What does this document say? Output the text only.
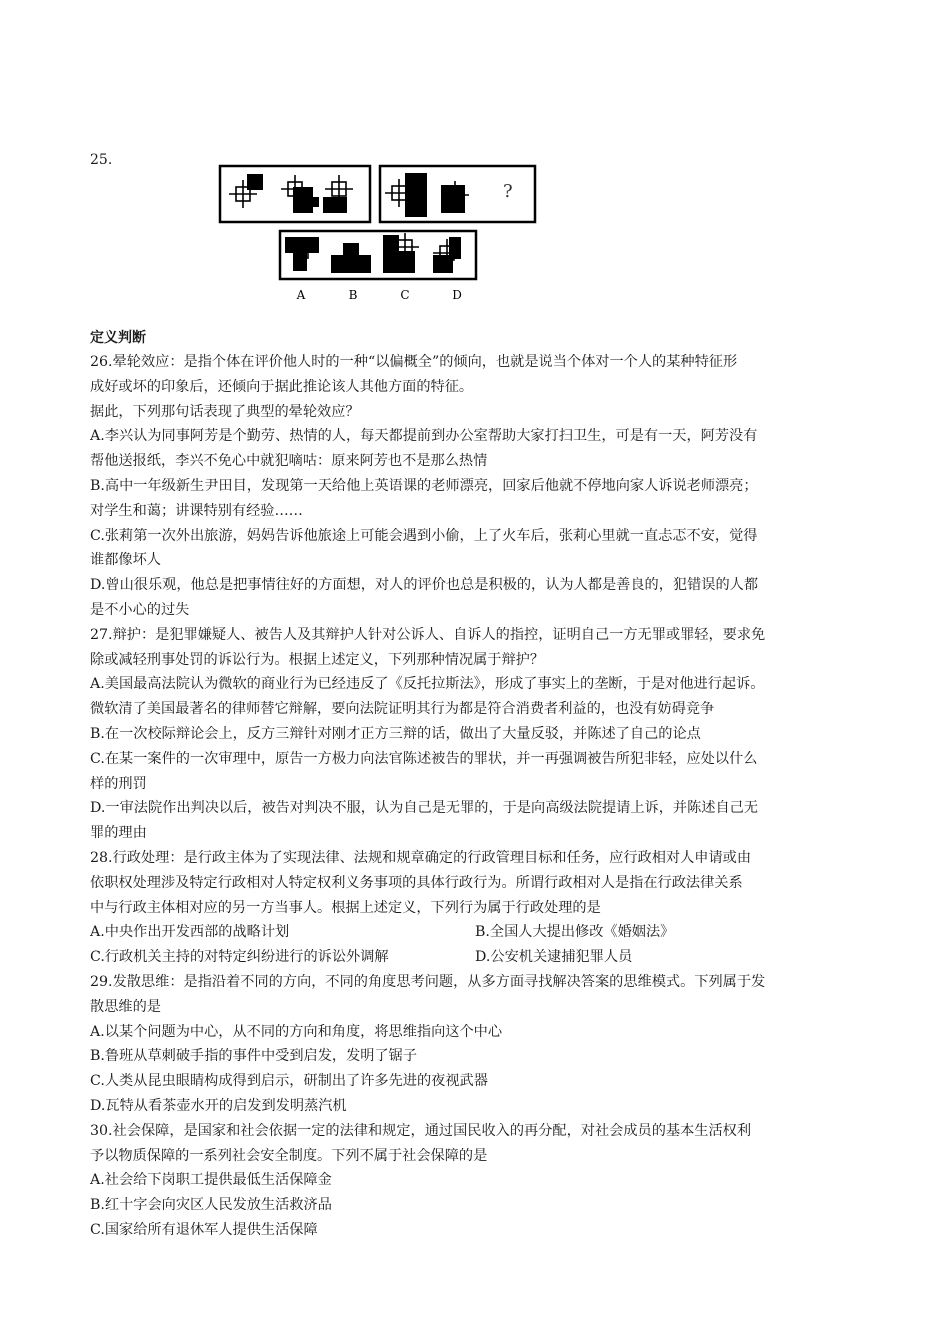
25.
?
A	B	C	D
定义判断
26.晕轮效应：是指个体在评价他人时的一种“以偏概全”的倾向，也就是说当个体对一个人的某种特征形
成好或坏的印象后，还倾向于据此推论该人其他方面的特征。
据此，下列那句话表现了典型的晕轮效应？
A.李兴认为同事阿芳是个勤劳、热情的人，每天都提前到办公室帮助大家打扫卫生，可是有一天，阿芳没有
帮他送报纸，李兴不免心中就犯嘀咕：原来阿芳也不是那么热情
B.高中一年级新生尹田目，发现第一天给他上英语课的老师漂亮，回家后他就不停地向家人诉说老师漂亮；
对学生和蔼；讲课特别有经验……
C.张莉第一次外出旅游，妈妈告诉他旅途上可能会遇到小偷，上了火车后，张莉心里就一直忐忑不安，觉得
谁都像坏人
D.曾山很乐观，他总是把事情往好的方面想，对人的评价也总是积极的，认为人都是善良的，犯错误的人都
是不小心的过失
27.辩护：是犯罪嫌疑人、被告人及其辩护人针对公诉人、自诉人的指控，证明自己一方无罪或罪轻，要求免
除或减轻刑事处罚的诉讼行为。根据上述定义，下列那种情况属于辩护？
A.美国最高法院认为微软的商业行为已经违反了《反托拉斯法》，形成了事实上的垄断，于是对他进行起诉。
微软清了美国最著名的律师替它辩解，要向法院证明其行为都是符合消费者利益的，也没有妨碍竞争
B.在一次校际辩论会上，反方三辩针对刚才正方三辩的话，做出了大量反驳，并陈述了自己的论点
C.在某一案件的一次审理中，原告一方极力向法官陈述被告的罪状，并一再强调被告所犯非轻，应处以什么
样的刑罚
D.一审法院作出判决以后，被告对判决不服，认为自己是无罪的，于是向高级法院提请上诉，并陈述自己无
罪的理由
28.行政处理：是行政主体为了实现法律、法规和规章确定的行政管理目标和任务，应行政相对人申请或由
依职权处理涉及特定行政相对人特定权利义务事项的具体行政行为。所谓行政相对人是指在行政法律关系
中与行政主体相对应的另一方当事人。根据上述定义，下列行为属于行政处理的是
A.中央作出开发西部的战略计划	B.全国人大提出修改《婚姻法》
C.行政机关主持的对特定纠纷进行的诉讼外调解	D.公安机关逮捕犯罪人员
29.发散思维：是指沿着不同的方向，不同的角度思考问题，从多方面寻找解决答案的思维模式。下列属于发
散思维的是
A.以某个问题为中心，从不同的方向和角度，将思维指向这个中心
B.鲁班从草刺破手指的事件中受到启发，发明了锯子
C.人类从昆虫眼睛构成得到启示，研制出了许多先进的夜视武器
D.瓦特从看茶壶水开的启发到发明蒸汽机
30.社会保障，是国家和社会依据一定的法律和规定，通过国民收入的再分配，对社会成员的基本生活权利
予以物质保障的一系列社会安全制度。下列不属于社会保障的是
A.社会给下岗职工提供最低生活保障金
B.红十字会向灾区人民发放生活救济品
C.国家给所有退休军人提供生活保障
